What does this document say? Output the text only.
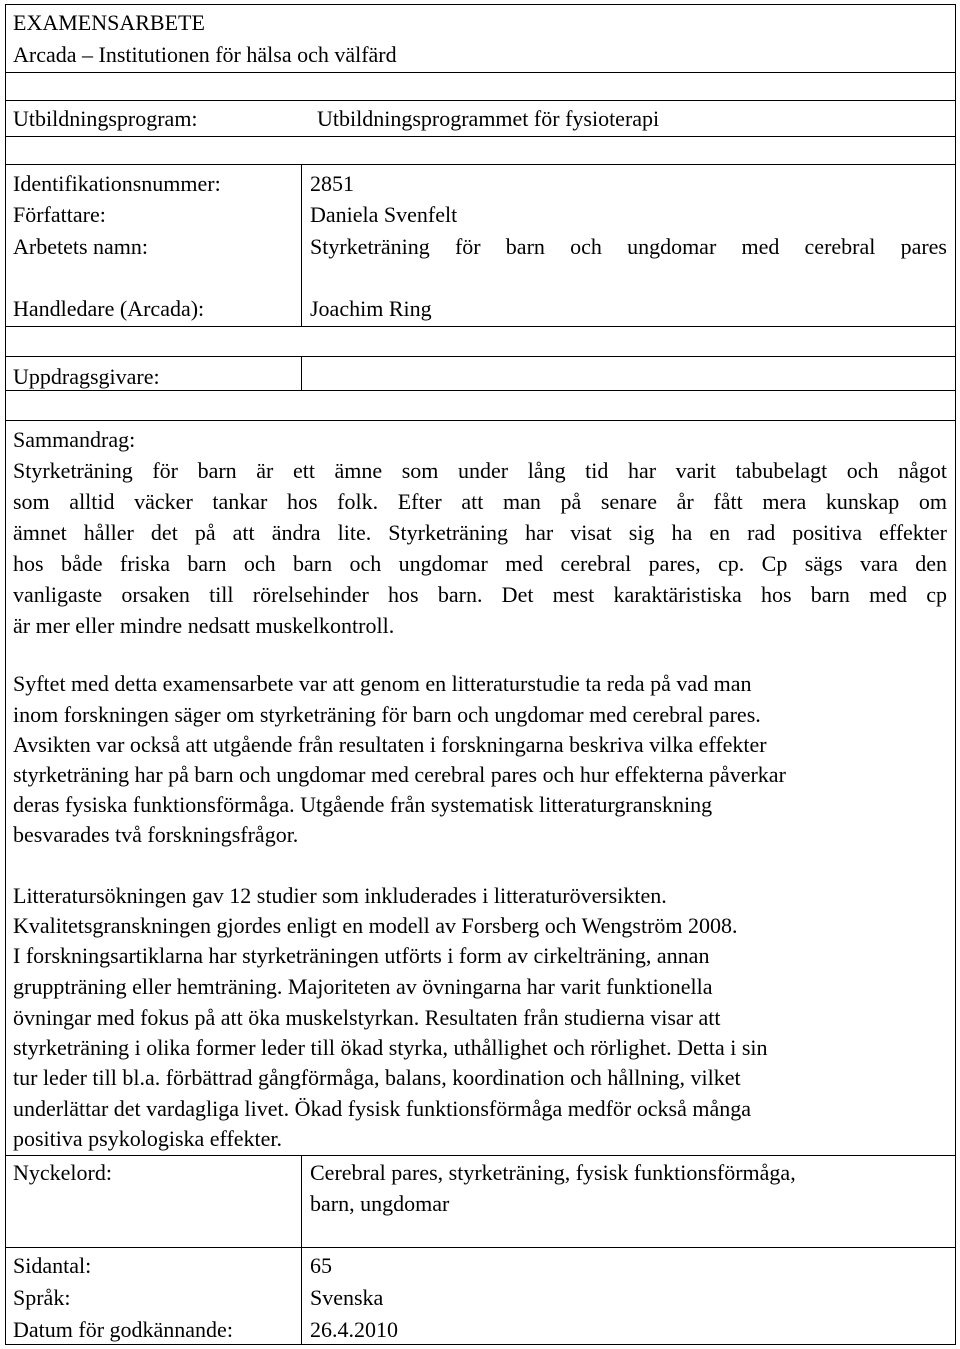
EXAMENSARBETE
Arcada – Institutionen för hälsa och välfärd
Utbildningsprogram:	Utbildningsprogrammet för fysioterapi
Identifikationsnummer:	2851
Författare:	Daniela Svenfelt
Arbetets namn:	Styrketräning för barn och ungdomar med cerebral pares
Handledare (Arcada):	Joachim Ring
Uppdragsgivare:
Sammandrag:
Styrketräning för barn är ett ämne som under lång tid har varit tabubelagt och något
som alltid väcker tankar hos folk. Efter att man på senare år fått mera kunskap om
ämnet håller det på att ändra lite. Styrketräning har visat sig ha en rad positiva effekter
hos både friska barn och barn och ungdomar med cerebral pares, cp. Cp sägs vara den
vanligaste orsaken till rörelsehinder hos barn. Det mest karaktäristiska hos barn med cp
är mer eller mindre nedsatt muskelkontroll.
Syftet med detta examensarbete var att genom en litteraturstudie ta reda på vad man
inom forskningen säger om styrketräning för barn och ungdomar med cerebral pares.
Avsikten var också att utgående från resultaten i forskningarna beskriva vilka effekter
styrketräning har på barn och ungdomar med cerebral pares och hur effekterna påverkar
deras fysiska funktionsförmåga. Utgående från systematisk litteraturgranskning
besvarades två forskningsfrågor.
Litteratursökningen gav 12 studier som inkluderades i litteraturöversikten.
Kvalitetsgranskningen gjordes enligt en modell av Forsberg och Wengström 2008.
I forskningsartiklarna har styrketräningen utförts i form av cirkelträning, annan
gruppträning eller hemträning. Majoriteten av övningarna har varit funktionella
övningar med fokus på att öka muskelstyrkan. Resultaten från studierna visar att
styrketräning i olika former leder till ökad styrka, uthållighet och rörlighet. Detta i sin
tur leder till bl.a. förbättrad gångförmåga, balans, koordination och hållning, vilket
underlättar det vardagliga livet. Ökad fysisk funktionsförmåga medför också många
positiva psykologiska effekter.
Nyckelord:	Cerebral pares, styrketräning, fysisk funktionsförmåga,
barn, ungdomar
Sidantal:	65
Språk:	Svenska
Datum för godkännande:	26.4.2010
